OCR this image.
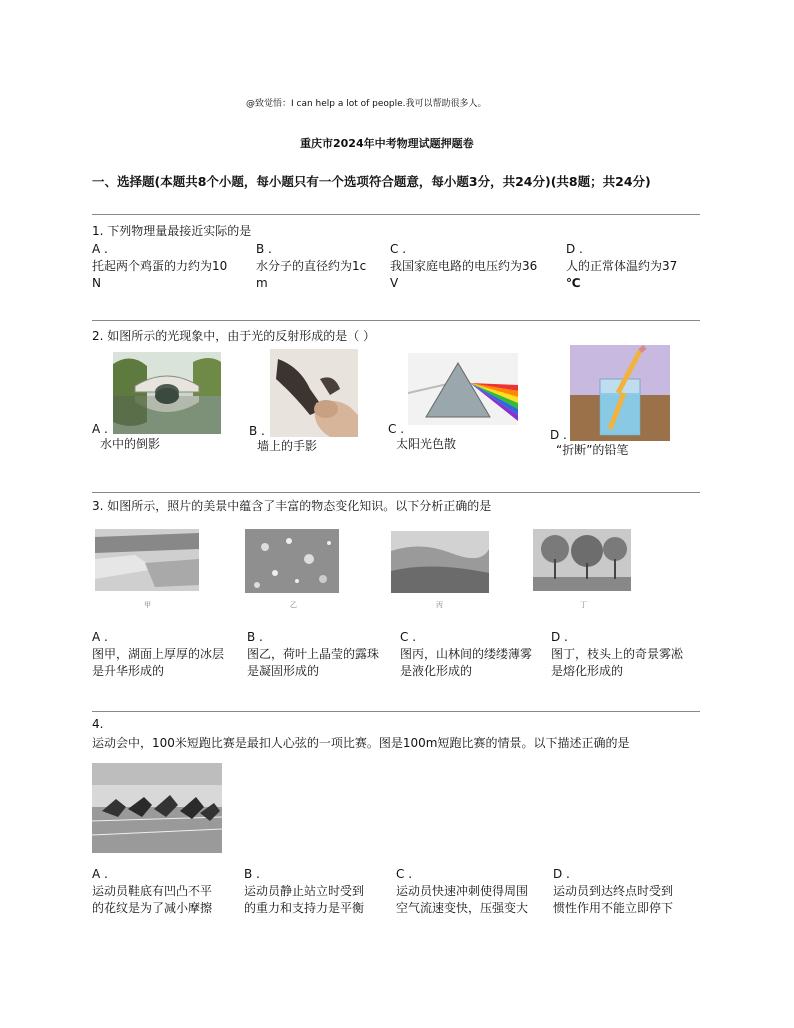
@致觉悟：I can help a lot of people.我可以帮助很多人。
重庆市2024年中考物理试题押题卷
一、选择题(本题共8个小题，每小题只有一个选项符合题意，每小题3分，共24分)(共8题；共24分)
1. 下列物理量最接近实际的是
A .
托起两个鸡蛋的力约为10
N
B .
水分子的直径约为1c
m
C .
我国家庭电路的电压约为36
V
D .
人的正常体温约为37
℃
2. 如图所示的光现象中，由于光的反射形成的是（ ）
A .
水中的倒影
B .
墙上的手影
C .
太阳光色散
D .
“折断”的铅笔
3. 如图所示，照片的美景中蕴含了丰富的物态变化知识。以下分析正确的是
甲	乙	丙	丁
A .
图甲，湖面上厚厚的冰层
是升华形成的
B .
图乙，荷叶上晶莹的露珠
是凝固形成的
C .
图丙，山林间的缕缕薄雾
是液化形成的
D .
图丁，枝头上的奇景雾凇
是熔化形成的
4.
运动会中，100米短跑比赛是最扣人心弦的一项比赛。图是100m短跑比赛的情景。以下描述正确的是
A .
运动员鞋底有凹凸不平
的花纹是为了减小摩擦
B .
运动员静止站立时受到
的重力和支持力是平衡
C .
运动员快速冲刺使得周围
空气流速变快，压强变大
D .
运动员到达终点时受到
惯性作用不能立即停下
